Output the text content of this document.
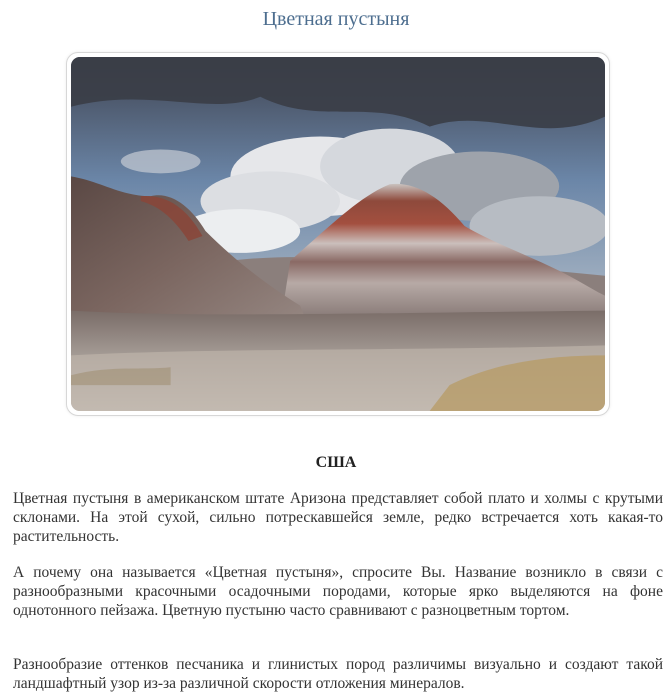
Цветная пустыня
США

Цветная пустыня в американском штате Аризона представляет собой плато и холмы с крутыми склонами. На этой сухой, сильно потрескавшейся земле, редко встречается хоть какая-то растительность.

А почему она называется «Цветная пустыня», спросите Вы. Название возникло в связи с разнообразными красочными осадочными породами, которые ярко выделяются на фоне однотонного пейзажа. Цветную пустыню часто сравнивают с разноцветным тортом.

Разнообразие оттенков песчаника и глинистых пород различимы визуально и создают такой ландшафтный узор из-за различной скорости отложения минералов.
